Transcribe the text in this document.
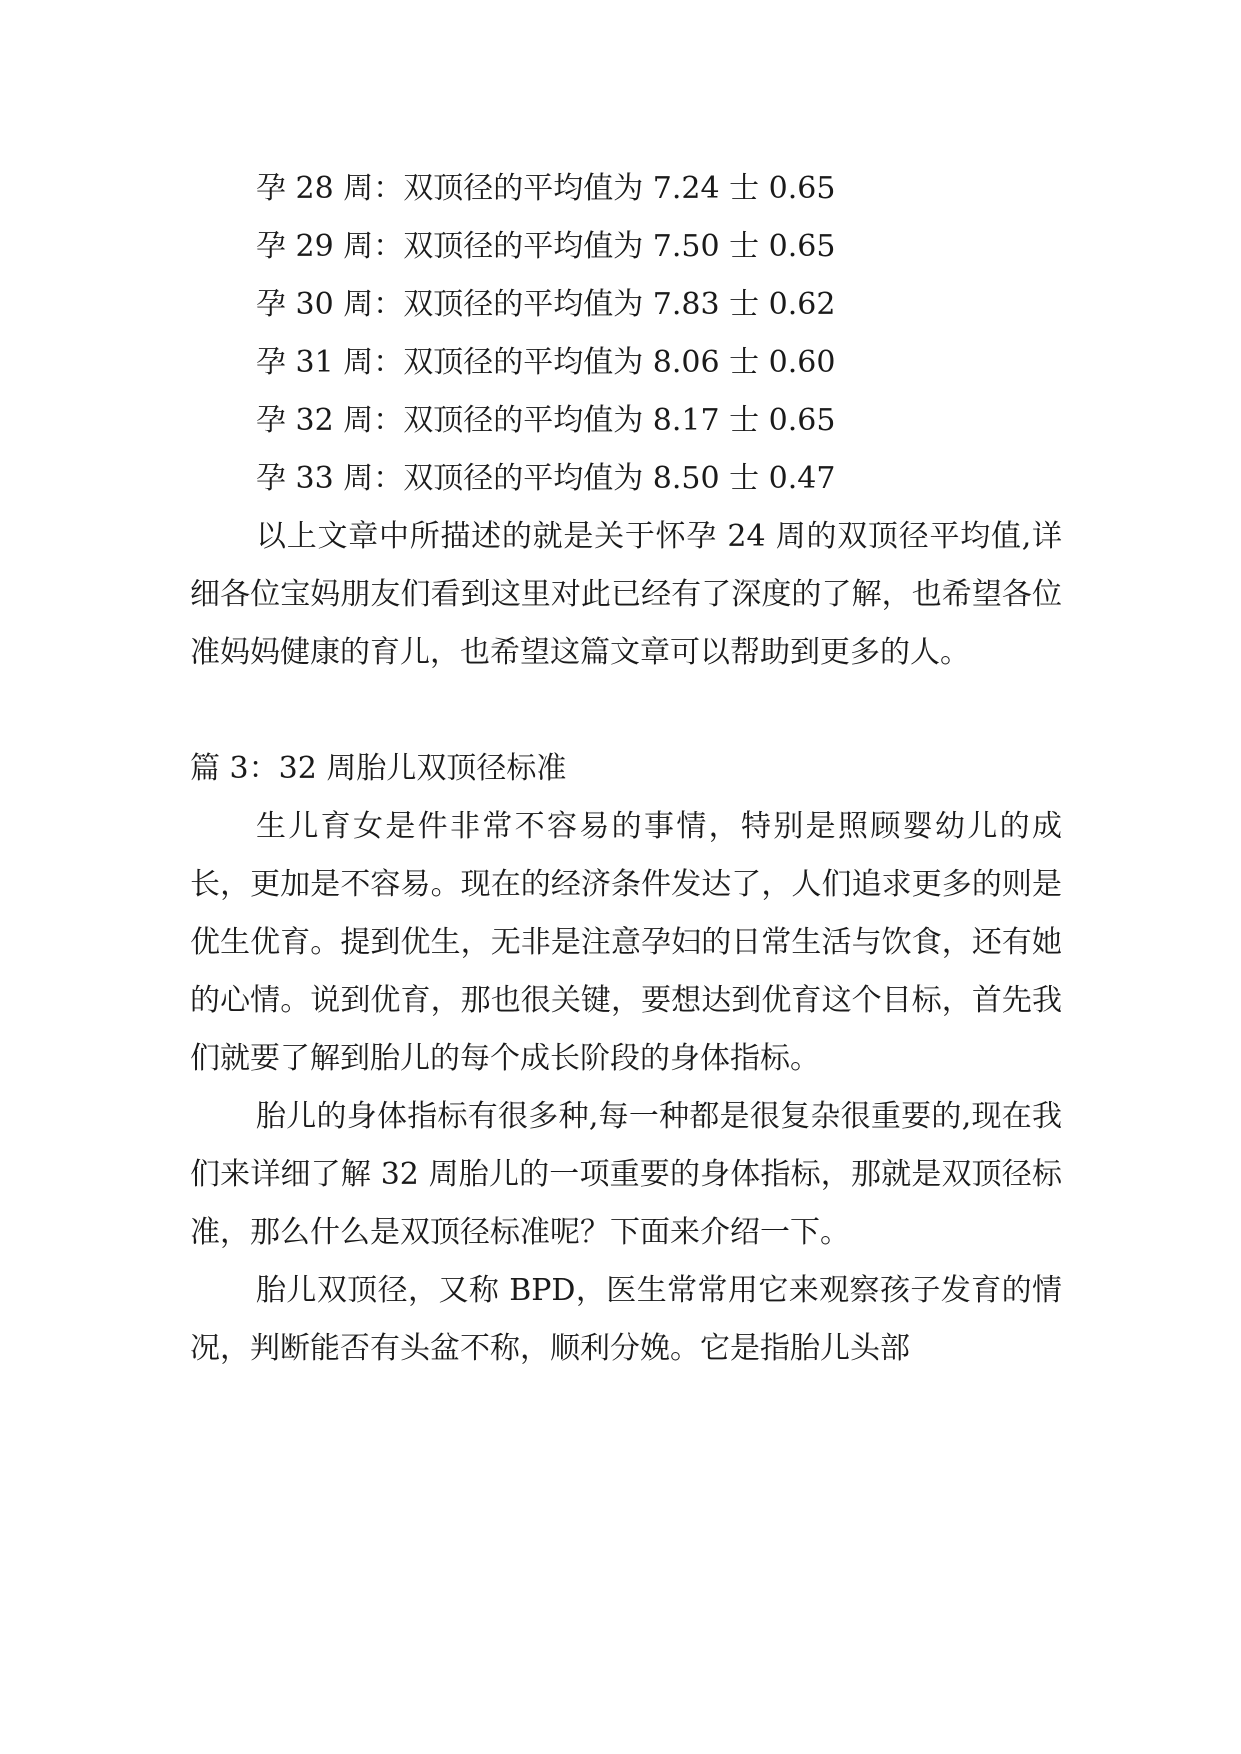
孕 28 周：双顶径的平均值为 7.24 士 0.65
孕 29 周：双顶径的平均值为 7.50 士 0.65
孕 30 周：双顶径的平均值为 7.83 士 0.62
孕 31 周：双顶径的平均值为 8.06 士 0.60
孕 32 周：双顶径的平均值为 8.17 士 0.65
孕 33 周：双顶径的平均值为 8.50 士 0.47

以上文章中所描述的就是关于怀孕 24 周的双顶径平均值,详细各位宝妈朋友们看到这里对此已经有了深度的了解，也希望各位准妈妈健康的育儿，也希望这篇文章可以帮助到更多的人。

篇 3：32 周胎儿双顶径标准

生儿育女是件非常不容易的事情，特别是照顾婴幼儿的成长，更加是不容易。现在的经济条件发达了，人们追求更多的则是优生优育。提到优生，无非是注意孕妇的日常生活与饮食，还有她的心情。说到优育，那也很关键，要想达到优育这个目标，首先我们就要了解到胎儿的每个成长阶段的身体指标。

胎儿的身体指标有很多种,每一种都是很复杂很重要的,现在我们来详细了解 32 周胎儿的一项重要的身体指标，那就是双顶径标准，那么什么是双顶径标准呢？下面来介绍一下。

胎儿双顶径，又称 BPD，医生常常用它来观察孩子发育的情况，判断能否有头盆不称，顺利分娩。它是指胎儿头部
